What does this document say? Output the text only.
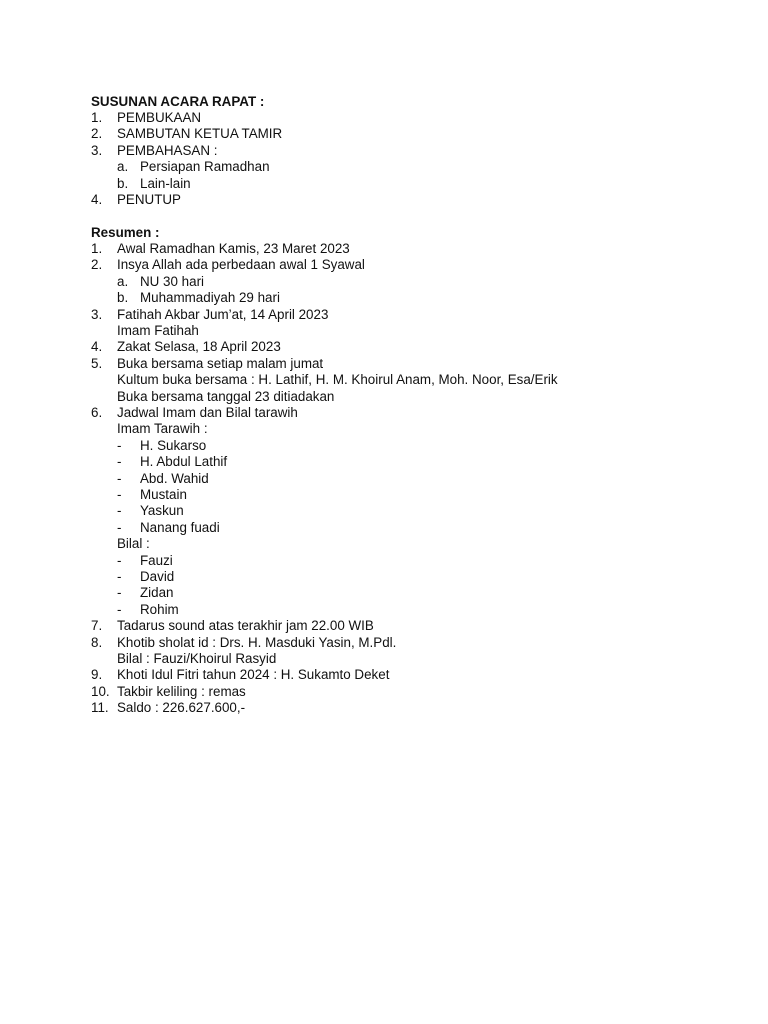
SUSUNAN ACARA RAPAT :
1. PEMBUKAAN
2. SAMBUTAN KETUA TAMIR
3. PEMBAHASAN :
a. Persiapan Ramadhan
b. Lain-lain
4. PENUTUP
Resumen :
1. Awal Ramadhan Kamis, 23 Maret 2023
2. Insya Allah ada perbedaan awal 1 Syawal
a. NU 30 hari
b. Muhammadiyah 29 hari
3. Fatihah Akbar Jum’at, 14 April 2023
Imam Fatihah
4. Zakat Selasa, 18 April 2023
5. Buka bersama setiap malam jumat
Kultum buka bersama : H. Lathif, H. M. Khoirul Anam, Moh. Noor, Esa/Erik
Buka bersama tanggal 23 ditiadakan
6. Jadwal Imam dan Bilal tarawih
Imam Tarawih :
- H. Sukarso
- H. Abdul Lathif
- Abd. Wahid
- Mustain
- Yaskun
- Nanang fuadi
Bilal :
- Fauzi
- David
- Zidan
- Rohim
7. Tadarus sound atas terakhir jam 22.00 WIB
8. Khotib sholat id : Drs. H. Masduki Yasin, M.Pdl.
Bilal : Fauzi/Khoirul Rasyid
9. Khoti Idul Fitri tahun 2024 : H. Sukamto Deket
10. Takbir keliling : remas
11. Saldo : 226.627.600,-
